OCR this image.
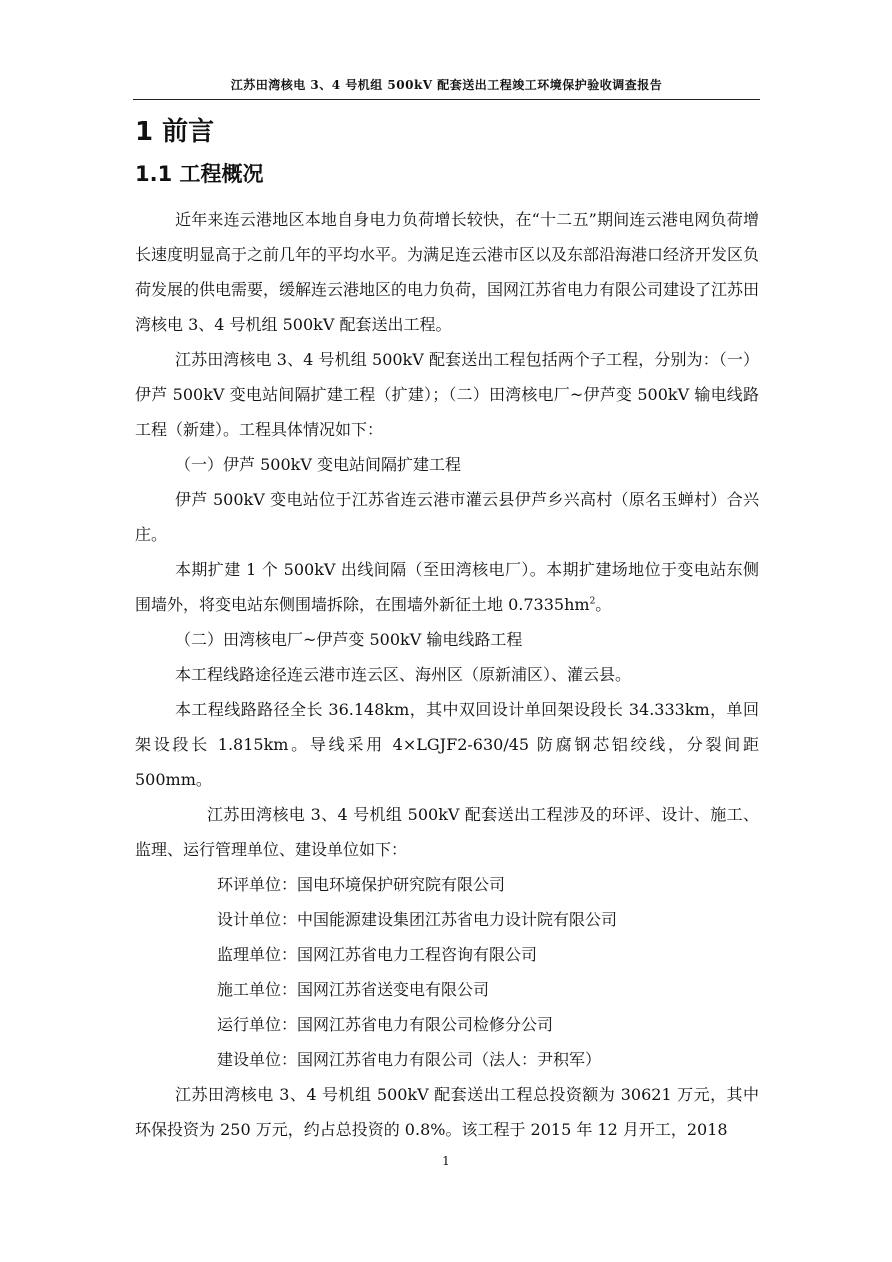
江苏田湾核电 3、4 号机组 500kV 配套送出工程竣工环境保护验收调查报告
1 前言
1.1 工程概况

近年来连云港地区本地自身电力负荷增长较快，在“十二五”期间连云港电网负荷增长速度明显高于之前几年的平均水平。为满足连云港市区以及东部沿海港口经济开发区负荷发展的供电需要，缓解连云港地区的电力负荷，国网江苏省电力有限公司建设了江苏田湾核电 3、4 号机组 500kV 配套送出工程。

江苏田湾核电 3、4 号机组 500kV 配套送出工程包括两个子工程，分别为：（一）伊芦 500kV 变电站间隔扩建工程（扩建）；（二）田湾核电厂~伊芦变 500kV 输电线路工程（新建）。工程具体情况如下：

（一）伊芦 500kV 变电站间隔扩建工程

伊芦 500kV 变电站位于江苏省连云港市灌云县伊芦乡兴高村（原名玉蝉村）合兴庄。

本期扩建 1 个 500kV 出线间隔（至田湾核电厂）。本期扩建场地位于变电站东侧围墙外，将变电站东侧围墙拆除，在围墙外新征土地 $0.7335hm^2$。

（二）田湾核电厂~伊芦变 500kV 输电线路工程

本工程线路途径连云港市连云区、海州区（原新浦区）、灌云县。

本工程线路路径全长 36.148km，其中双回设计单回架设段长 34.333km，单回架设段长 1.815km。导线采用 4×LGJF2-630/45 防腐钢芯铝绞线，分裂间距500mm。

江苏田湾核电 3、4 号机组 500kV 配套送出工程涉及的环评、设计、施工、监理、运行管理单位、建设单位如下：

环评单位：国电环境保护研究院有限公司
设计单位：中国能源建设集团江苏省电力设计院有限公司
监理单位：国网江苏省电力工程咨询有限公司
施工单位：国网江苏省送变电有限公司
运行单位：国网江苏省电力有限公司检修分公司
建设单位：国网江苏省电力有限公司（法人：尹积军）

江苏田湾核电 3、4 号机组 500kV 配套送出工程总投资额为 30621 万元，其中环保投资为 250 万元，约占总投资的 0.8%。该工程于 2015 年 12 月开工，2018

1
